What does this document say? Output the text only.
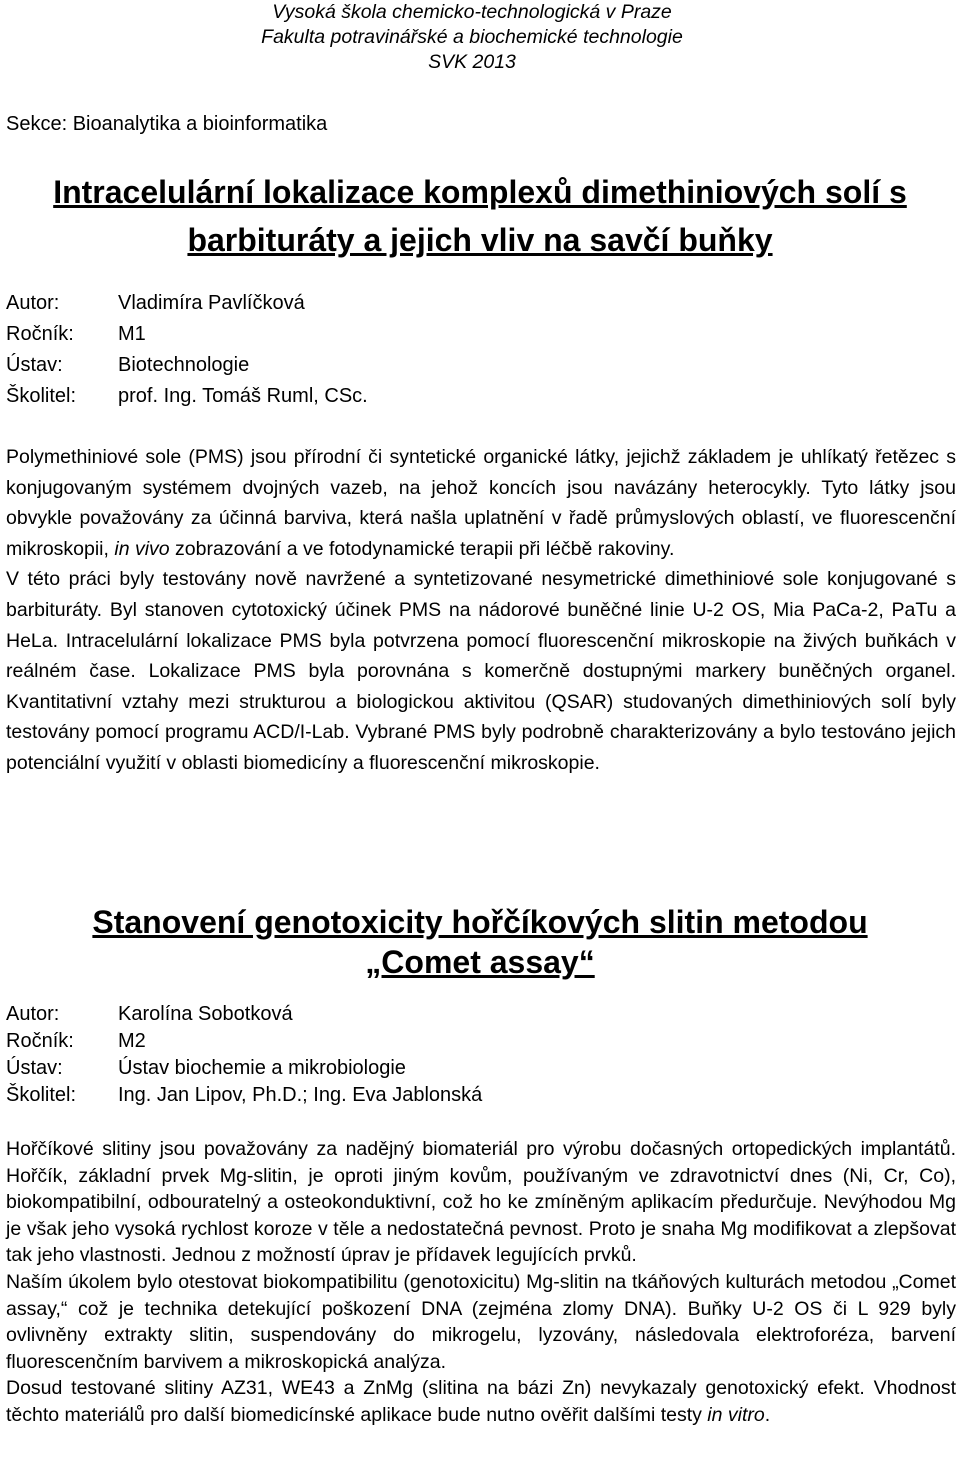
Vysoká škola chemicko-technologická v Praze
Fakulta potravinářské a biochemické technologie
SVK 2013
Sekce: Bioanalytika a bioinformatika
Intracelulární lokalizace komplexů dimethiniových solí s
barbituráty a jejich vliv na savčí buňky
Autor:	Vladimíra Pavlíčková
Ročník:	M1
Ústav:	Biotechnologie
Školitel:	prof. Ing. Tomáš Ruml, CSc.

Polymethiniové sole (PMS) jsou přírodní či syntetické organické látky, jejichž základem je uhlíkatý řetězec s konjugovaným systémem dvojných vazeb, na jehož koncích jsou navázány heterocykly. Tyto látky jsou obvykle považovány za účinná barviva, která našla uplatnění v řadě průmyslových oblastí, ve fluorescenční mikroskopii, in vivo zobrazování a ve fotodynamické terapii při léčbě rakoviny.

V této práci byly testovány nově navržené a syntetizované nesymetrické dimethiniové sole konjugované s barbituráty. Byl stanoven cytotoxický účinek PMS na nádorové buněčné linie U-2 OS, Mia PaCa-2, PaTu a HeLa. Intracelulární lokalizace PMS byla potvrzena pomocí fluorescenční mikroskopie na živých buňkách v reálném čase. Lokalizace PMS byla porovnána s komerčně dostupnými markery buněčných organel. Kvantitativní vztahy mezi strukturou a biologickou aktivitou (QSAR) studovaných dimethiniových solí byly testovány pomocí programu ACD/I-Lab. Vybrané PMS byly podrobně charakterizovány a bylo testováno jejich potenciální využití v oblasti biomedicíny a fluorescenční mikroskopie.

Stanovení genotoxicity hořčíkových slitin metodou
„Comet assay“
Autor:	Karolína Sobotková
Ročník:	M2
Ústav:	Ústav biochemie a mikrobiologie
Školitel:	Ing. Jan Lipov, Ph.D.; Ing. Eva Jablonská

Hořčíkové slitiny jsou považovány za nadějný biomateriál pro výrobu dočasných ortopedických implantátů. Hořčík, základní prvek Mg-slitin, je oproti jiným kovům, používaným ve zdravotnictví dnes (Ni, Cr, Co), biokompatibilní, odbouratelný a osteokonduktivní, což ho ke zmíněným aplikacím předurčuje. Nevýhodou Mg je však jeho vysoká rychlost koroze v těle a nedostatečná pevnost. Proto je snaha Mg modifikovat a zlepšovat tak jeho vlastnosti. Jednou z možností úprav je přídavek legujících prvků.

Naším úkolem bylo otestovat biokompatibilitu (genotoxicitu) Mg-slitin na tkáňových kulturách metodou „Comet assay,“ což je technika detekující poškození DNA (zejména zlomy DNA). Buňky U-2 OS či L 929 byly ovlivněny extrakty slitin, suspendovány do mikrogelu, lyzovány, následovala elektroforéza, barvení fluorescenčním barvivem a mikroskopická analýza.

Dosud testované slitiny AZ31, WE43 a ZnMg (slitina na bázi Zn) nevykazaly genotoxický efekt. Vhodnost těchto materiálů pro další biomedicínské aplikace bude nutno ověřit dalšími testy in vitro.
